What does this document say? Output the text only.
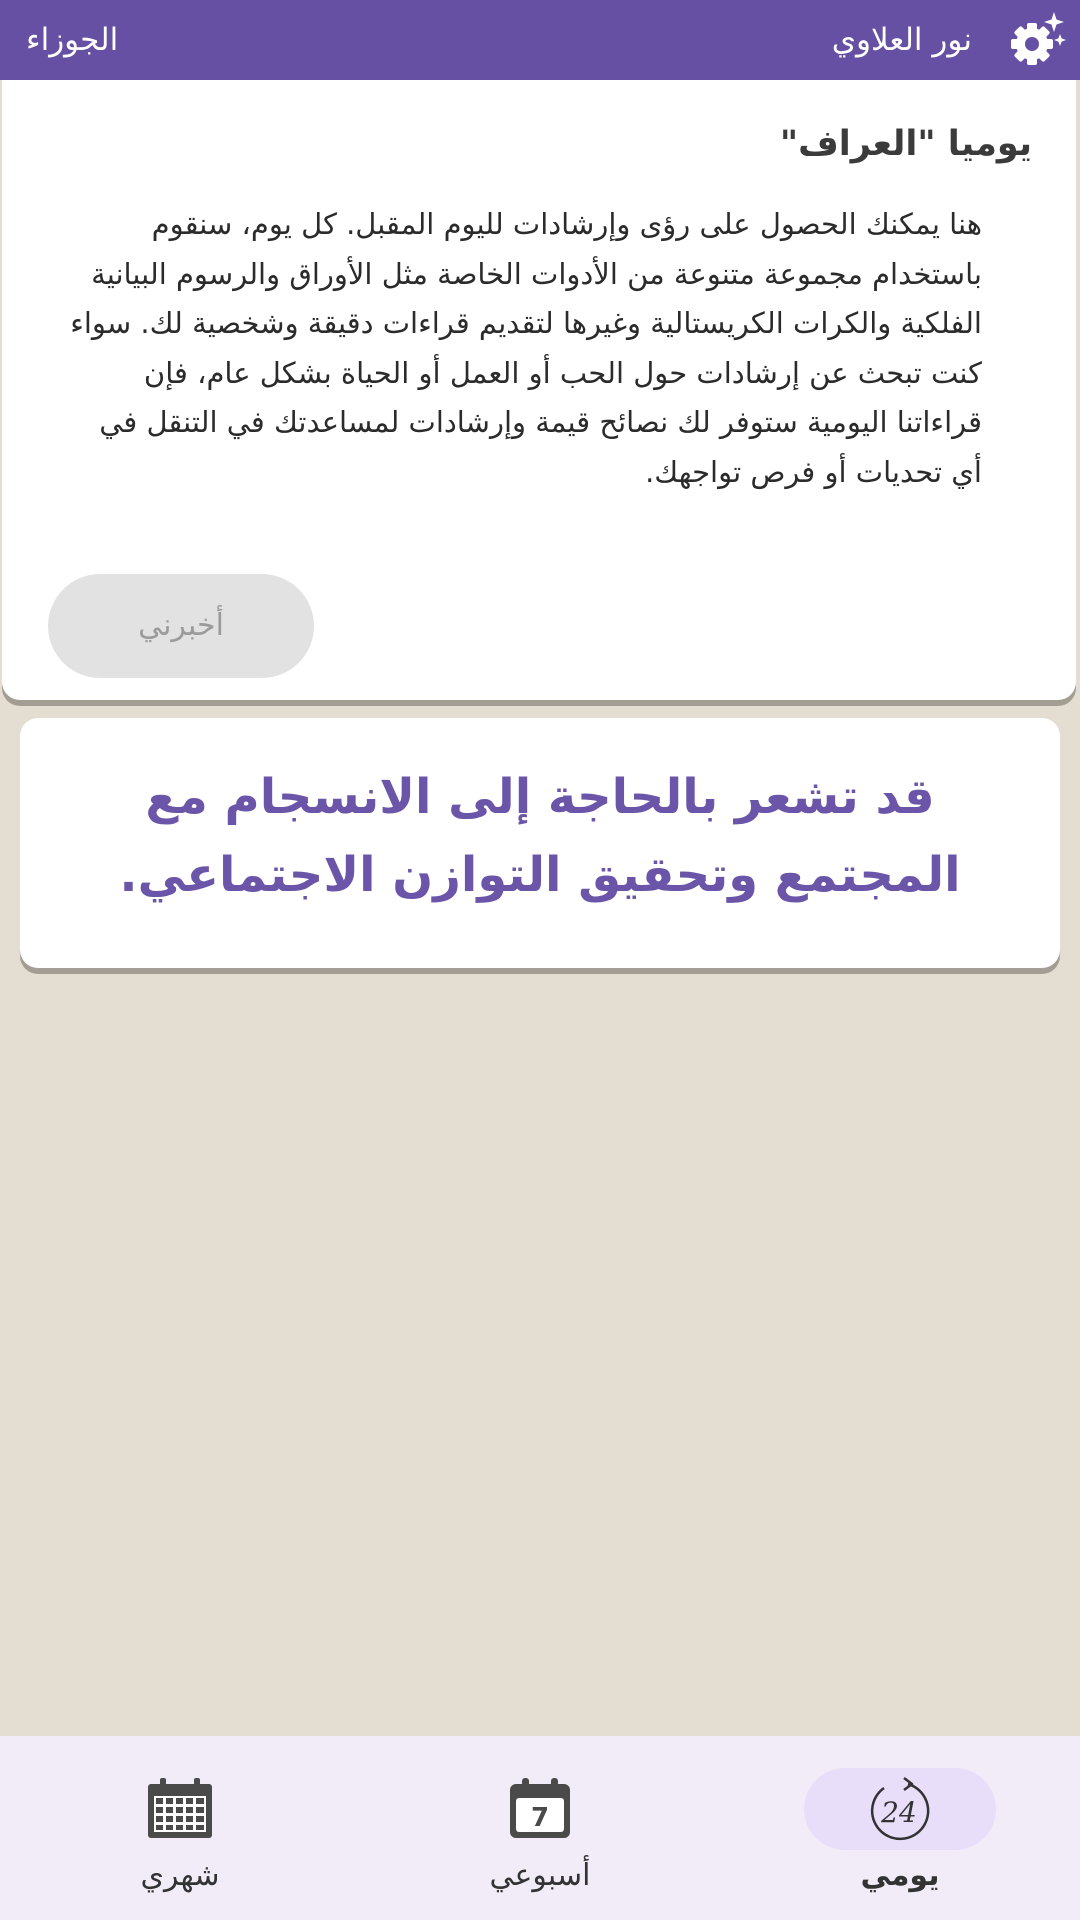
الجوزاء	نور العلاوي
يوميا "العراف"

هنا يمكنك الحصول على رؤى وإرشادات لليوم المقبل. كل يوم، سنقوم باستخدام مجموعة متنوعة من الأدوات الخاصة مثل الأوراق والرسوم البيانية الفلكية والكرات الكريستالية وغيرها لتقديم قراءات دقيقة وشخصية لك. سواء كنت تبحث عن إرشادات حول الحب أو العمل أو الحياة بشكل عام، فإن قراءاتنا اليومية ستوفر لك نصائح قيمة وإرشادات لمساعدتك في التنقل في أي تحديات أو فرص تواجهك.

أخبرني

قد تشعر بالحاجة إلى الانسجام مع المجتمع وتحقيق التوازن الاجتماعي.

شهري
7
أسبوعي
24
يومي
